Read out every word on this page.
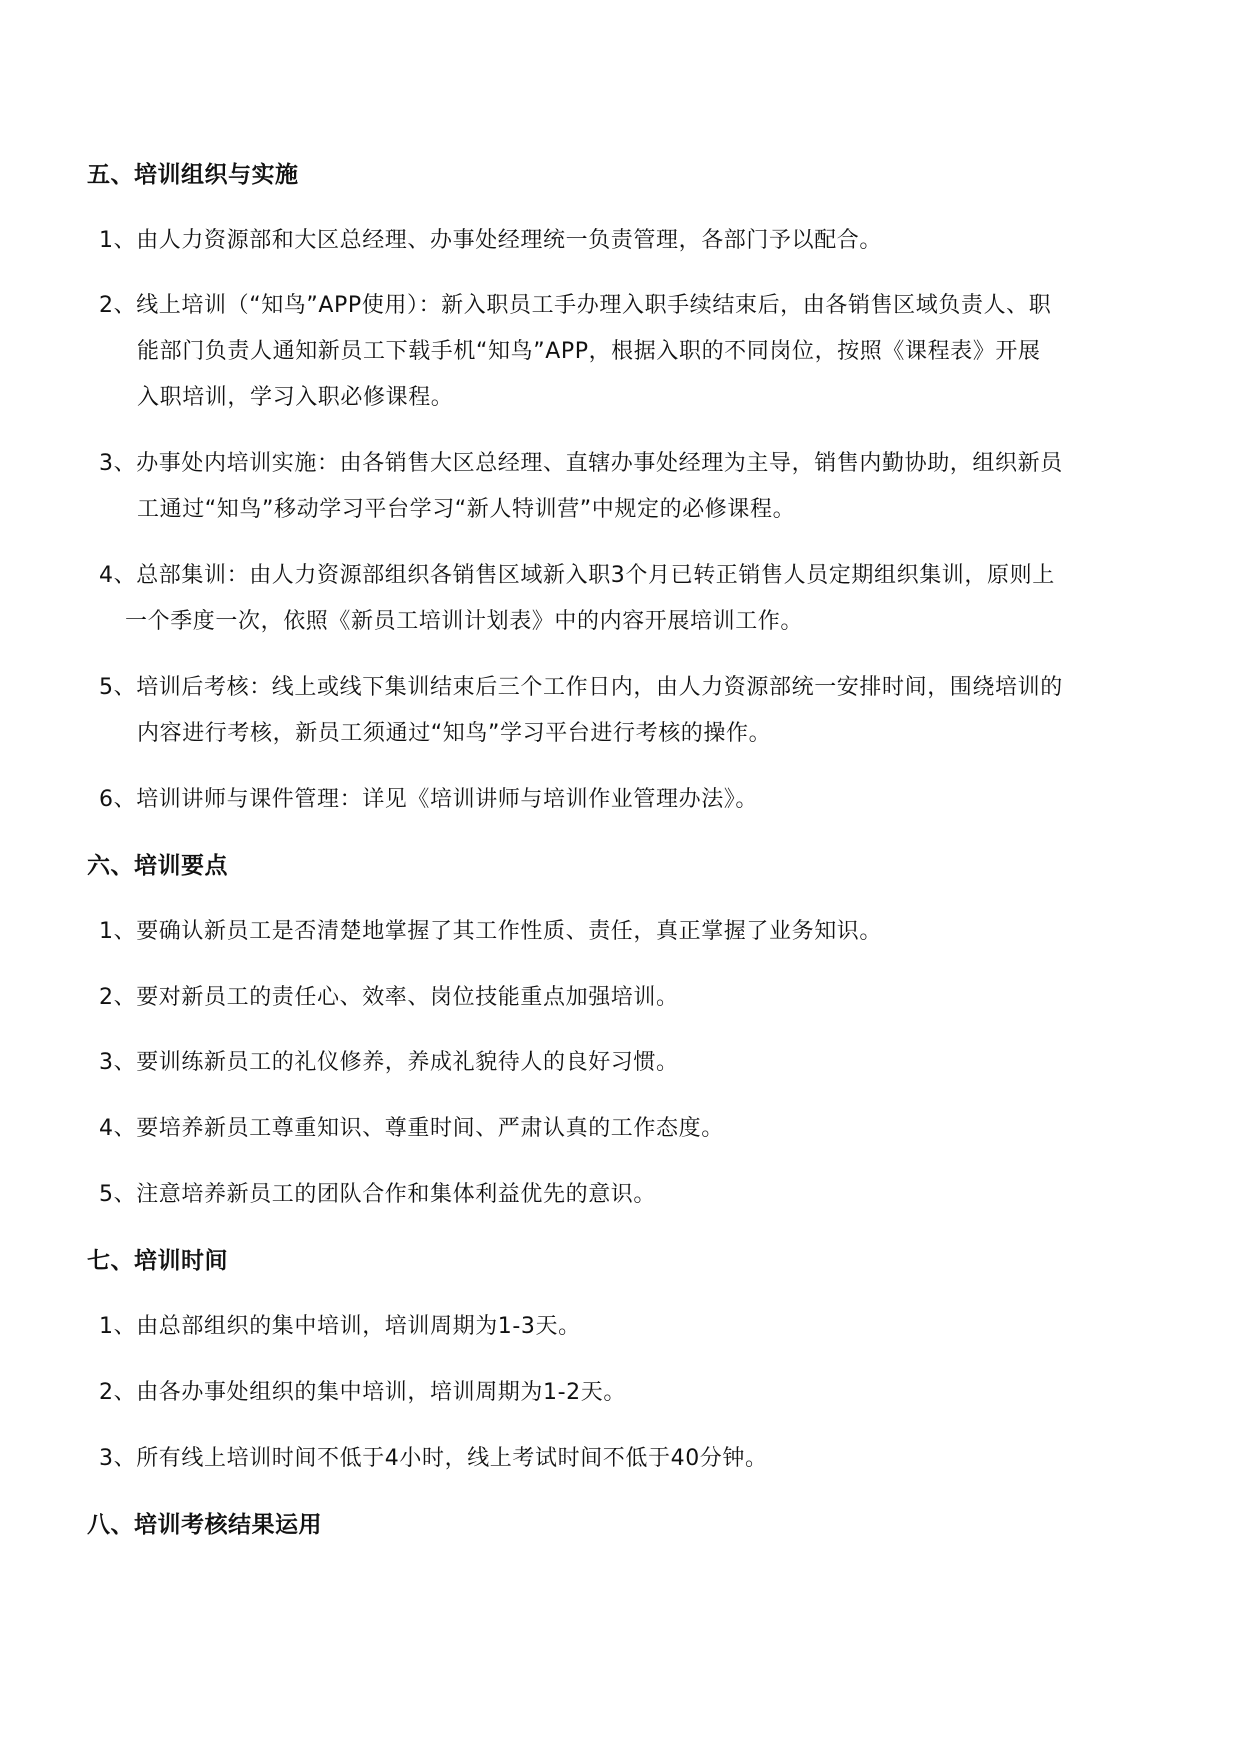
五、培训组织与实施
1、由人力资源部和大区总经理、办事处经理统一负责管理，各部门予以配合。
2、线上培训（“知鸟”APP使用）：新入职员工手办理入职手续结束后，由各销售区域负责人、职
能部门负责人通知新员工下载手机“知鸟”APP，根据入职的不同岗位，按照《课程表》开展
入职培训，学习入职必修课程。
3、办事处内培训实施：由各销售大区总经理、直辖办事处经理为主导，销售内勤协助，组织新员
工通过“知鸟”移动学习平台学习“新人特训营”中规定的必修课程。
4、总部集训：由人力资源部组织各销售区域新入职3个月已转正销售人员定期组织集训，原则上
一个季度一次，依照《新员工培训计划表》中的内容开展培训工作。
5、培训后考核：线上或线下集训结束后三个工作日内，由人力资源部统一安排时间，围绕培训的
内容进行考核，新员工须通过“知鸟”学习平台进行考核的操作。
6、培训讲师与课件管理：详见《培训讲师与培训作业管理办法》。
六、培训要点
1、要确认新员工是否清楚地掌握了其工作性质、责任，真正掌握了业务知识。
2、要对新员工的责任心、效率、岗位技能重点加强培训。
3、要训练新员工的礼仪修养，养成礼貌待人的良好习惯。
4、要培养新员工尊重知识、尊重时间、严肃认真的工作态度。
5、注意培养新员工的团队合作和集体利益优先的意识。
七、培训时间
1、由总部组织的集中培训，培训周期为1-3天。
2、由各办事处组织的集中培训，培训周期为1-2天。
3、所有线上培训时间不低于4小时，线上考试时间不低于40分钟。
八、培训考核结果运用
